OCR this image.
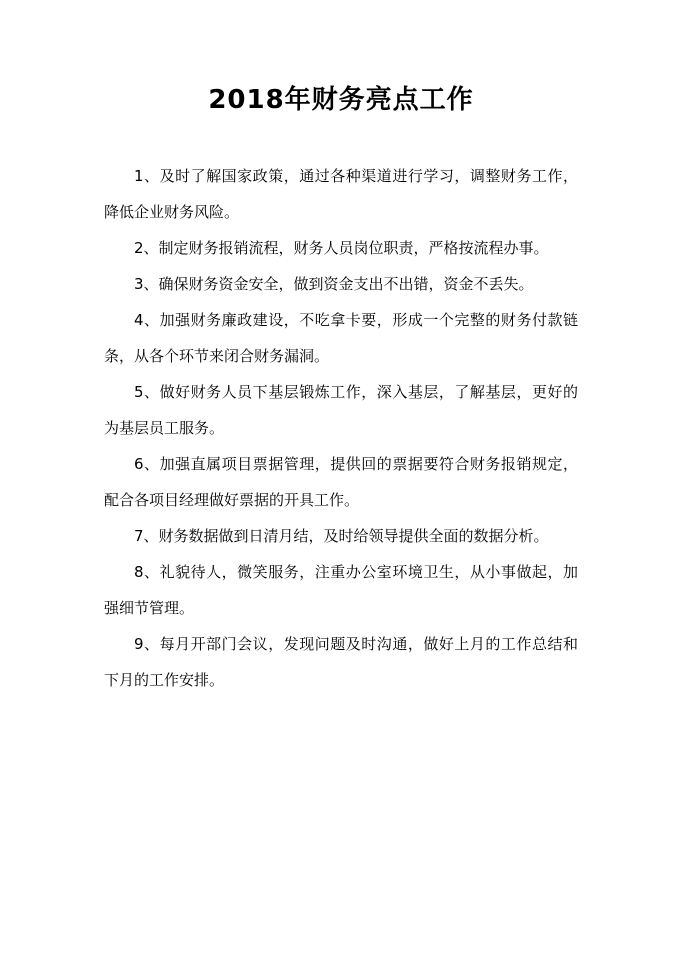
2018年财务亮点工作

1、及时了解国家政策，通过各种渠道进行学习，调整财务工作，降低企业财务风险。

2、制定财务报销流程，财务人员岗位职责，严格按流程办事。

3、确保财务资金安全，做到资金支出不出错，资金不丢失。

4、加强财务廉政建设，不吃拿卡要，形成一个完整的财务付款链条，从各个环节来闭合财务漏洞。

5、做好财务人员下基层锻炼工作，深入基层，了解基层，更好的为基层员工服务。

6、加强直属项目票据管理，提供回的票据要符合财务报销规定，配合各项目经理做好票据的开具工作。

7、财务数据做到日清月结，及时给领导提供全面的数据分析。

8、礼貌待人，微笑服务，注重办公室环境卫生，从小事做起，加强细节管理。

9、每月开部门会议，发现问题及时沟通，做好上月的工作总结和下月的工作安排。
